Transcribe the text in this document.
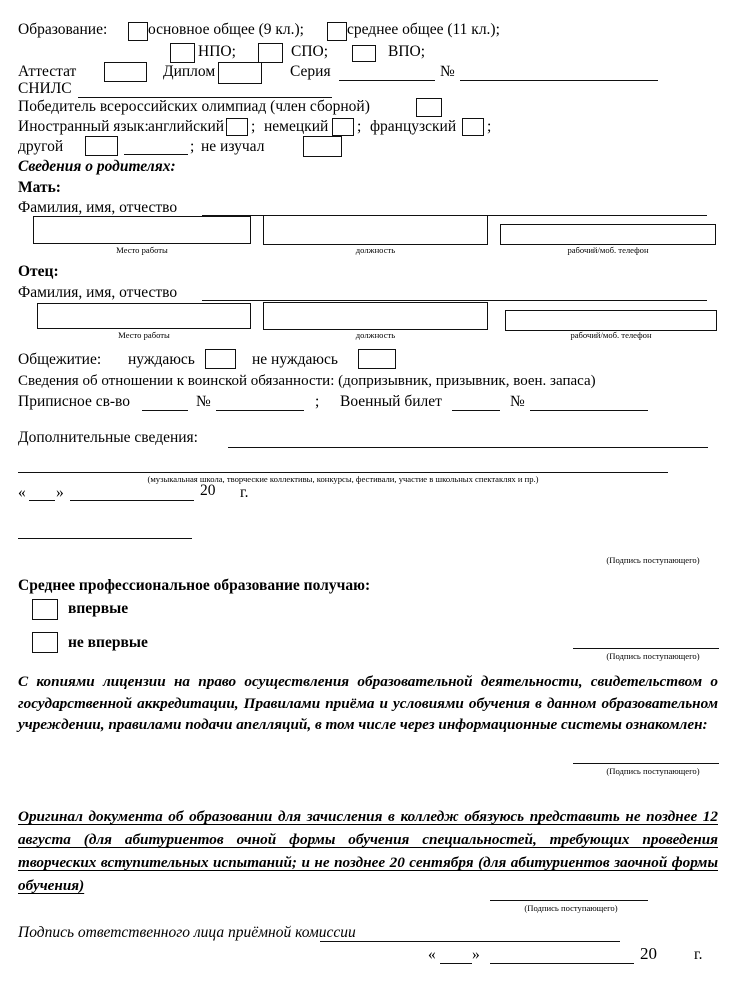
Образование:	основное общее (9 кл.);	среднее общее (11 кл.);
НПО;	СПО;	ВПО;
Аттестат	Диплом	Серия	№
СНИЛС
Победитель всероссийских олимпиад (член сборной)
Иностранный язык: английский ; немецкий ; французский ;
другой	; не изучал
Сведения о родителях:
Мать:
Фамилия, имя, отчество
Место работы	должность	рабочий/моб. телефон
Отец:
Фамилия, имя, отчество
Место работы	должность	рабочий/моб. телефон
Общежитие: нуждаюсь	не нуждаюсь
Сведения об отношении к воинской обязанности: (допризывник, призывник, воен. запаса)
Приписное св-во	№	; Военный билет	№
Дополнительные сведения:
(музыкальная школа, творческие коллективы, конкурсы, фестивали, участие в школьных спектаклях и пр.)
« »	20 г.
(Подпись поступающего)
Среднее профессиональное образование получаю:
впервые
не впервые
(Подпись поступающего)
С копиями лицензии на право осуществления образовательной деятельности, свидетельством о государственной аккредитации, Правилами приёма и условиями обучения в данном образовательном учреждении, правилами подачи апелляций, в том числе через информационные системы ознакомлен:
(Подпись поступающего)
Оригинал документа об образовании для зачисления в колледж обязуюсь представить не позднее 12 августа (для абитуриентов очной формы обучения специальностей, требующих проведения творческих вступительных испытаний; и не позднее 20 сентября (для абитуриентов заочной формы обучения)
(Подпись поступающего)
Подпись ответственного лица приёмной комиссии
« »	20 г.
